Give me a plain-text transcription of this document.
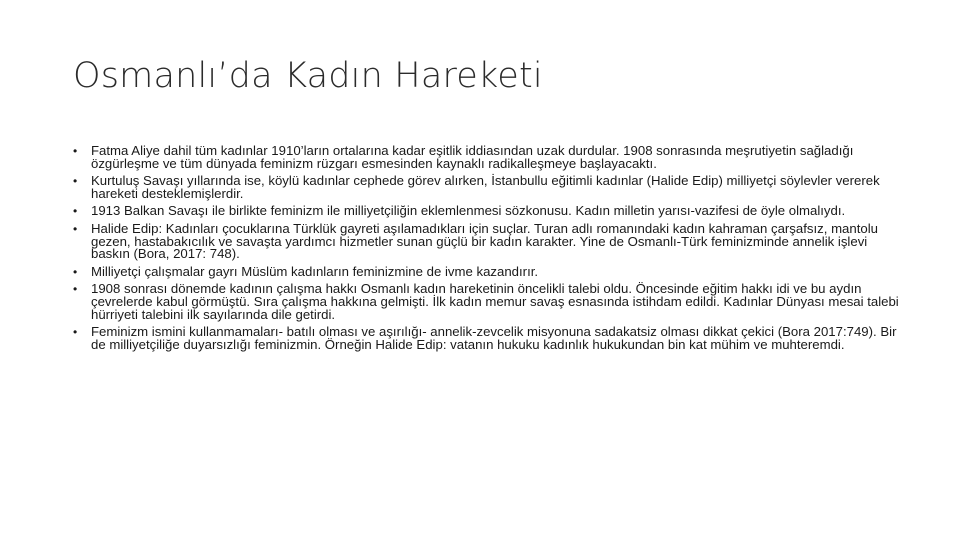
Osmanlı’da Kadın Hareketi
•	Fatma Aliye dahil tüm kadınlar 1910’ların ortalarına kadar eşitlik iddiasından uzak durdular. 1908 sonrasında meşrutiyetin sağladığı özgürleşme ve tüm dünyada feminizm rüzgarı esmesinden kaynaklı radikalleşmeye başlayacaktı.
•	Kurtuluş Savaşı yıllarında ise, köylü kadınlar cephede görev alırken, İstanbullu eğitimli kadınlar (Halide Edip) milliyetçi söylevler vererek hareketi desteklemişlerdir.
•	1913 Balkan Savaşı ile birlikte feminizm ile milliyetçiliğin eklemlenmesi sözkonusu. Kadın milletin yarısı-vazifesi de öyle olmalıydı.
•	Halide Edip: Kadınları çocuklarına Türklük gayreti aşılamadıkları için suçlar. Turan adlı romanındaki kadın kahraman çarşafsız, mantolu gezen, hastabakıcılık ve savaşta yardımcı hizmetler sunan güçlü bir kadın karakter. Yine de Osmanlı-Türk feminizminde annelik işlevi baskın (Bora, 2017: 748).
•	Milliyetçi çalışmalar gayrı Müslüm kadınların feminizmine de ivme kazandırır.
•	1908 sonrası dönemde kadının çalışma hakkı Osmanlı kadın hareketinin öncelikli talebi oldu. Öncesinde eğitim hakkı idi ve bu aydın çevrelerde kabul görmüştü. Sıra çalışma hakkına gelmişti. İlk kadın memur savaş esnasında istihdam edildi. Kadınlar Dünyası mesai talebi hürriyeti talebini ilk sayılarında dile getirdi.
•	Feminizm ismini kullanmamaları- batılı olması ve aşırılığı- annelik-zevcelik misyonuna sadakatsiz olması dikkat çekici (Bora 2017:749). Bir de milliyetçiliğe duyarsızlığı feminizmin. Örneğin Halide Edip: vatanın hukuku kadınlık hukukundan bin kat mühim ve muhteremdi.
